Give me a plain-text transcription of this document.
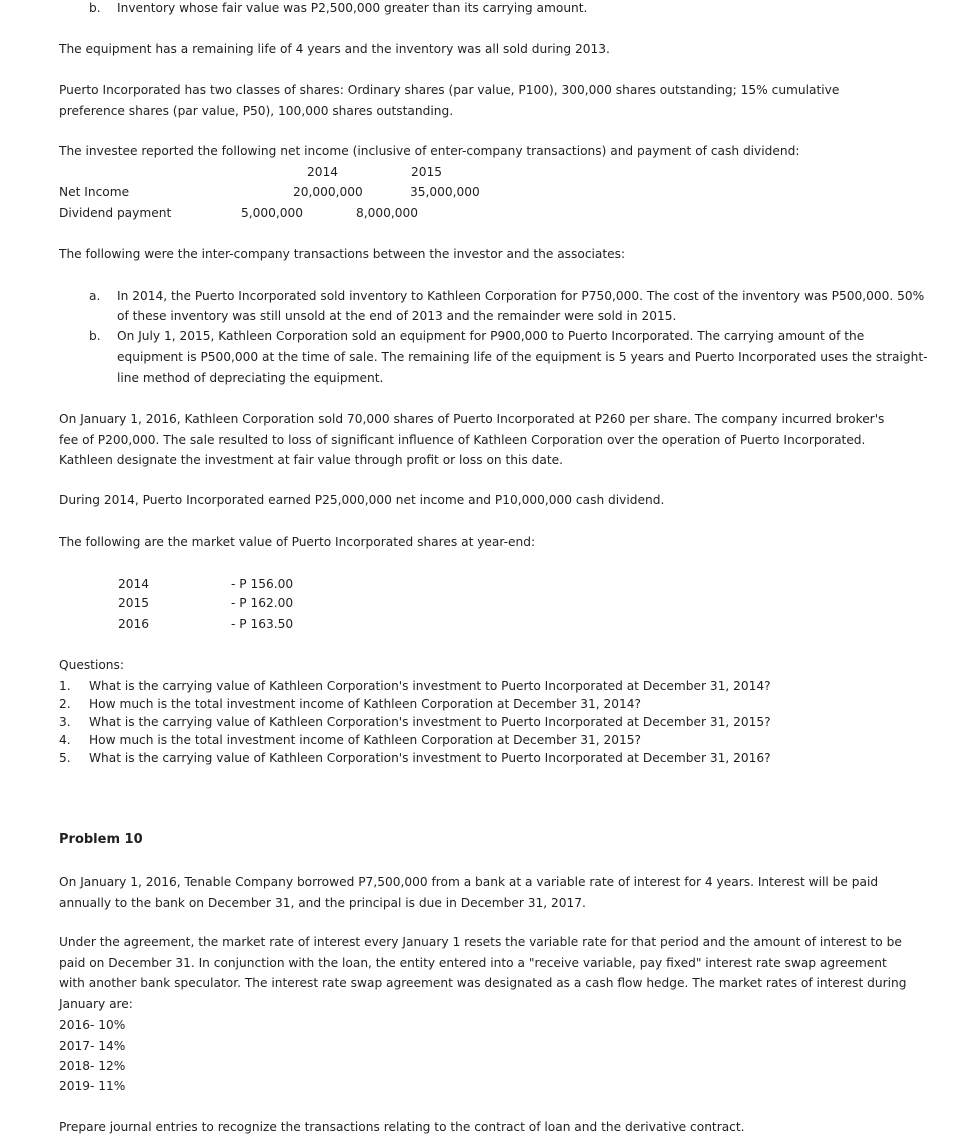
b. Inventory whose fair value was P2,500,000 greater than its carrying amount.
The equipment has a remaining life of 4 years and the inventory was all sold during 2013.
Puerto Incorporated has two classes of shares: Ordinary shares (par value, P100), 300,000 shares outstanding; 15% cumulative preference shares (par value, P50), 100,000 shares outstanding.
The investee reported the following net income (inclusive of enter-company transactions) and payment of cash dividend:
2014	2015
Net Income	20,000,000	35,000,000
Dividend payment	5,000,000	8,000,000
The following were the inter-company transactions between the investor and the associates:
a. In 2014, the Puerto Incorporated sold inventory to Kathleen Corporation for P750,000. The cost of the inventory was P500,000. 50%
of these inventory was still unsold at the end of 2013 and the remainder were sold in 2015.
b. On July 1, 2015, Kathleen Corporation sold an equipment for P900,000 to Puerto Incorporated. The carrying amount of the
equipment is P500,000 at the time of sale. The remaining life of the equipment is 5 years and Puerto Incorporated uses the straight-
line method of depreciating the equipment.
On January 1, 2016, Kathleen Corporation sold 70,000 shares of Puerto Incorporated at P260 per share. The company incurred broker's fee of P200,000. The sale resulted to loss of significant influence of Kathleen Corporation over the operation of Puerto Incorporated. Kathleen designate the investment at fair value through profit or loss on this date.
During 2014, Puerto Incorporated earned P25,000,000 net income and P10,000,000 cash dividend.
The following are the market value of Puerto Incorporated shares at year-end:
2014	- P 156.00
2015	- P 162.00
2016	- P 163.50
Questions:
1. What is the carrying value of Kathleen Corporation's investment to Puerto Incorporated at December 31, 2014?
2. How much is the total investment income of Kathleen Corporation at December 31, 2014?
3. What is the carrying value of Kathleen Corporation's investment to Puerto Incorporated at December 31, 2015?
4. How much is the total investment income of Kathleen Corporation at December 31, 2015?
5. What is the carrying value of Kathleen Corporation's investment to Puerto Incorporated at December 31, 2016?
Problem 10
On January 1, 2016, Tenable Company borrowed P7,500,000 from a bank at a variable rate of interest for 4 years. Interest will be paid annually to the bank on December 31, and the principal is due in December 31, 2017.
Under the agreement, the market rate of interest every January 1 resets the variable rate for that period and the amount of interest to be paid on December 31. In conjunction with the loan, the entity entered into a "receive variable, pay fixed" interest rate swap agreement with another bank speculator. The interest rate swap agreement was designated as a cash flow hedge. The market rates of interest during January are:
2016- 10%
2017- 14%
2018- 12%
2019- 11%
Prepare journal entries to recognize the transactions relating to the contract of loan and the derivative contract.
